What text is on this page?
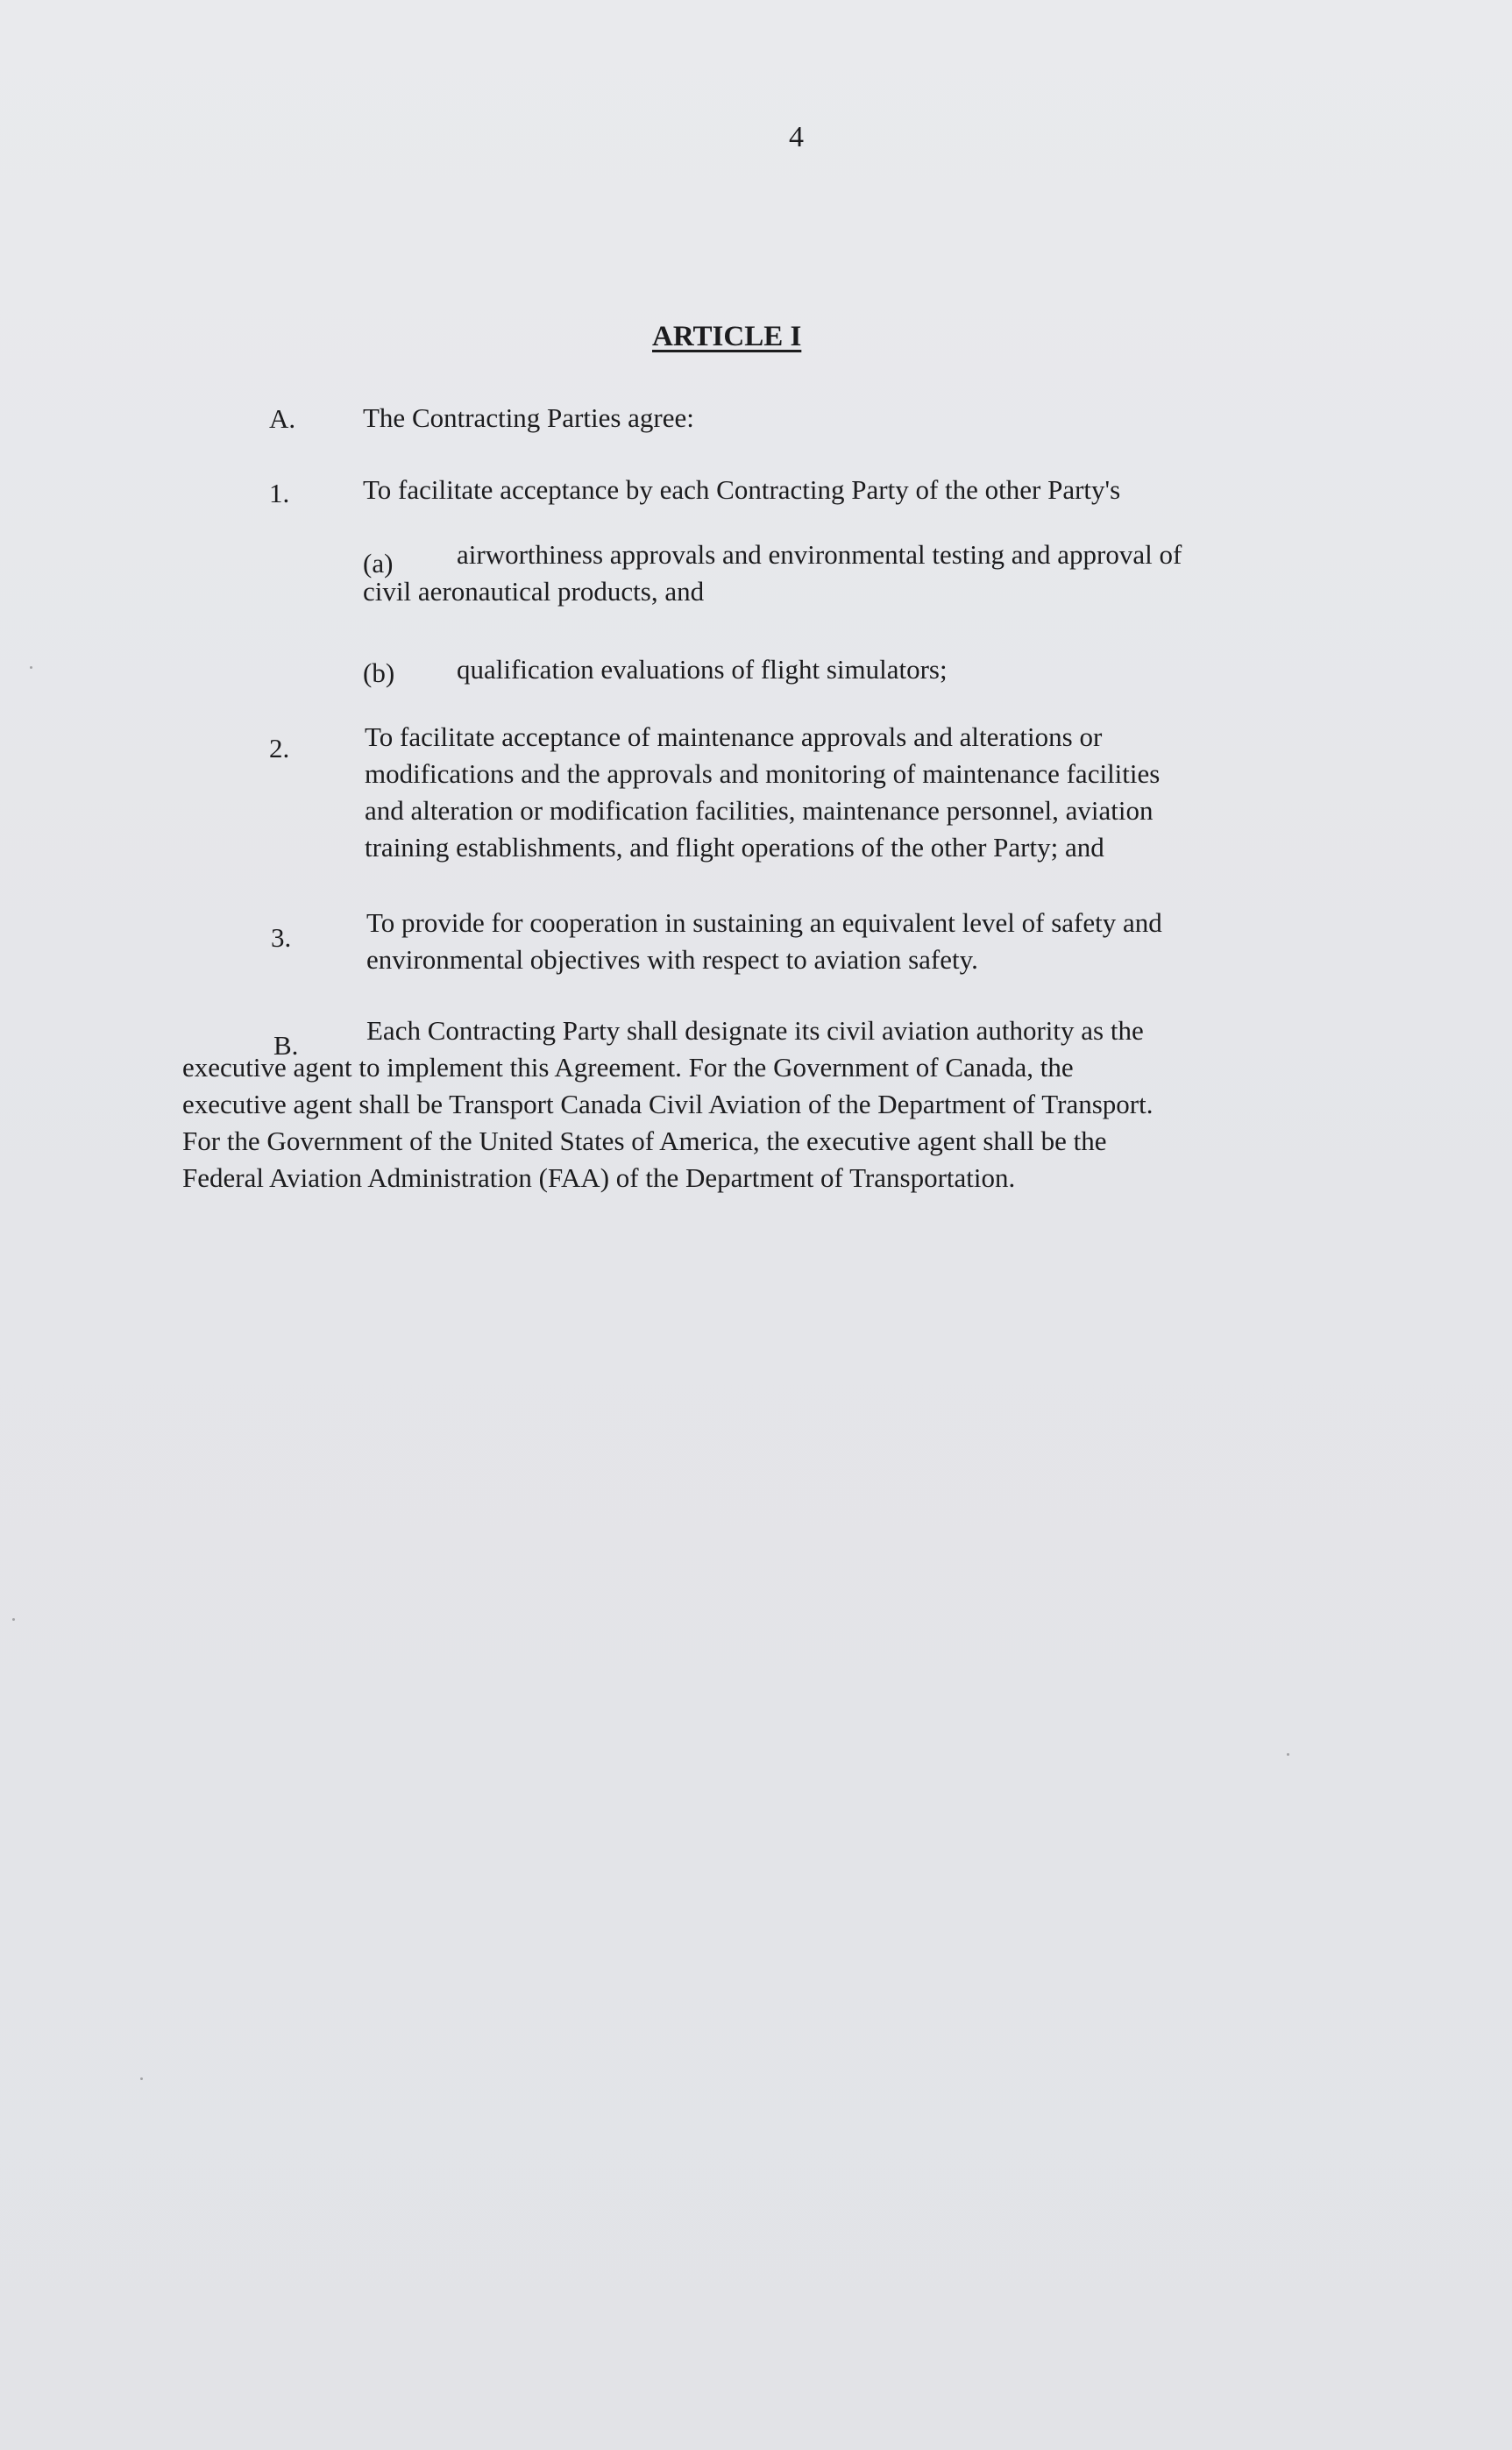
4
ARTICLE I
A. The Contracting Parties agree:
1.	To facilitate acceptance by each Contracting Party of the other Party's
(a)	airworthiness approvals and environmental testing and approval of
civil aeronautical products, and
(b) qualification evaluations of flight simulators;
2.	To facilitate acceptance of maintenance approvals and alterations or
modifications and the approvals and monitoring of maintenance facilities
and alteration or modification facilities, maintenance personnel, aviation
training establishments, and flight operations of the other Party; and
3.	To provide for cooperation in sustaining an equivalent level of safety and
environmental objectives with respect to aviation safety.
B.	Each Contracting Party shall designate its civil aviation authority as the
executive agent to implement this Agreement. For the Government of Canada, the
executive agent shall be Transport Canada Civil Aviation of the Department of Transport.
For the Government of the United States of America, the executive agent shall be the
Federal Aviation Administration (FAA) of the Department of Transportation.
